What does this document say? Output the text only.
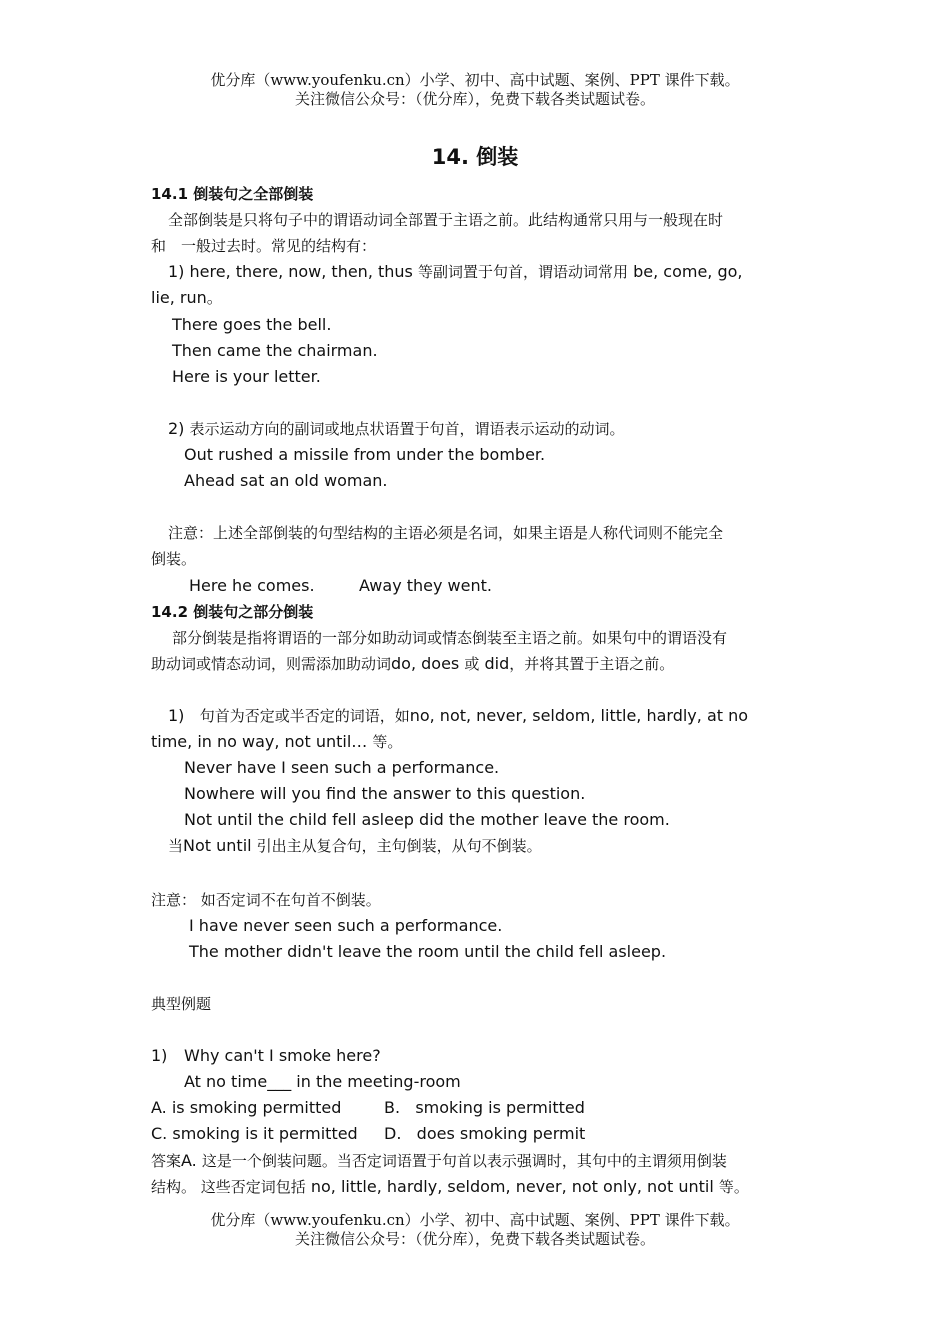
优分库（www.youfenku.cn）小学、初中、高中试题、案例、PPT 课件下载。
关注微信公众号：（优分库），免费下载各类试题试卷。
14. 倒装
14.1 倒装句之全部倒装
全部倒装是只将句子中的谓语动词全部置于主语之前。此结构通常只用与一般现在时
和　一般过去时。常见的结构有：
1) here, there, now, then, thus 等副词置于句首，谓语动词常用 be, come, go,
lie, run。
There goes the bell.
Then came the chairman.
Here is your letter.
2) 表示运动方向的副词或地点状语置于句首，谓语表示运动的动词。
Out rushed a missile from under the bomber.
Ahead sat an old woman.
注意：上述全部倒装的句型结构的主语必须是名词，如果主语是人称代词则不能完全
倒装。
Here he comes.	Away they went.
14.2 倒装句之部分倒装
部分倒装是指将谓语的一部分如助动词或情态倒装至主语之前。如果句中的谓语没有
助动词或情态动词，则需添加助动词do, does 或 did，并将其置于主语之前。
1) 句首为否定或半否定的词语，如no, not, never, seldom, little, hardly, at no
time, in no way, not until… 等。
Never have I seen such a performance.
Nowhere will you find the answer to this question.
Not until the child fell asleep did the mother leave the room.
当Not until 引出主从复合句，主句倒装，从句不倒装。
注意： 如否定词不在句首不倒装。
I have never seen such a performance.
The mother didn't leave the room until the child fell asleep.
典型例题
1) Why can't I smoke here?
At no time___ in the meeting-room
A. is smoking permitted	B. smoking is permitted
C. smoking is it permitted D. does smoking permit
答案A. 这是一个倒装问题。当否定词语置于句首以表示强调时，其句中的主谓须用倒装
结构。 这些否定词包括 no, little, hardly, seldom, never, not only, not until 等。
优分库（www.youfenku.cn）小学、初中、高中试题、案例、PPT 课件下载。
关注微信公众号：（优分库），免费下载各类试题试卷。
